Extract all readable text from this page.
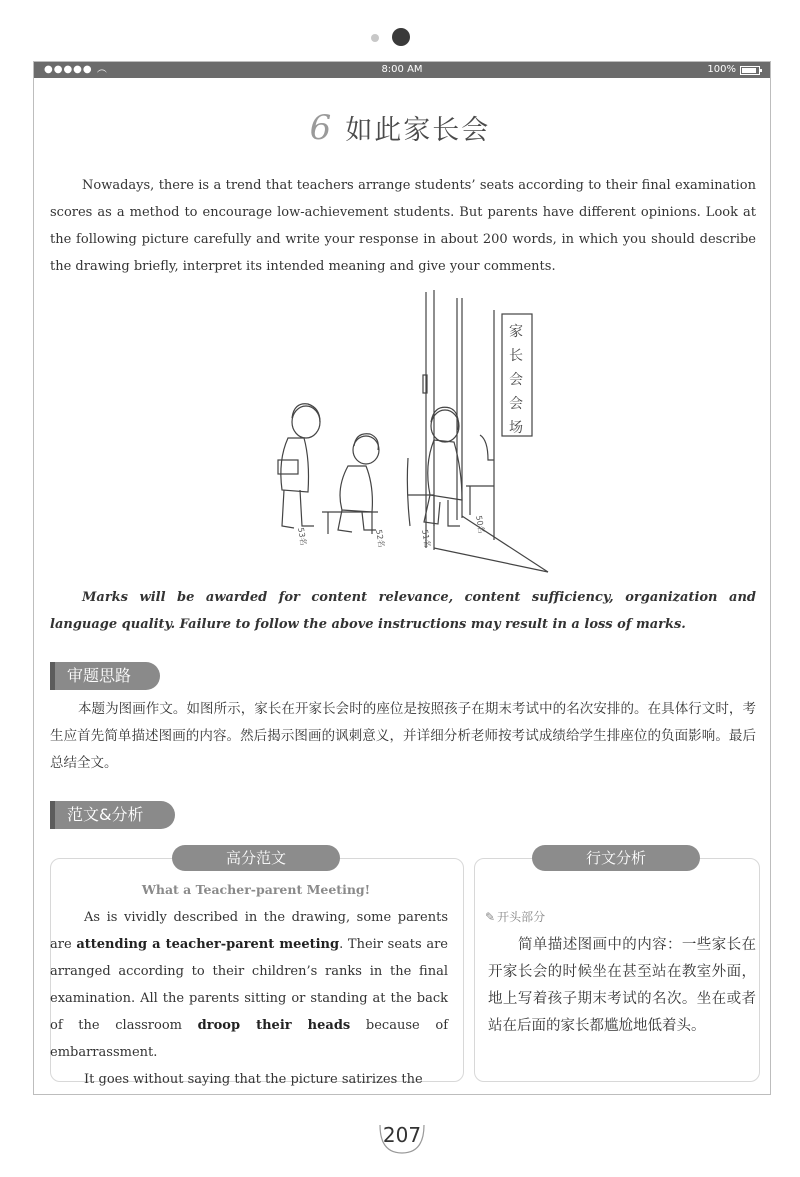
●●●●● ︵	8:00 AM	100%
6 如此家长会

Nowadays, there is a trend that teachers arrange students’ seats according to their final examination scores as a method to encourage low-achievement students. But parents have different opinions. Look at the following picture carefully and write your response in about 200 words, in which you should describe the drawing briefly, interpret its intended meaning and give your comments.

家
长
会
会
场
53名	52名	51名
50名

Marks will be awarded for content relevance, content sufficiency, organization and language quality. Failure to follow the above instructions may result in a loss of marks.

审题思路

本题为图画作文。如图所示，家长在开家长会时的座位是按照孩子在期末考试中的名次安排的。在具体行文时，考生应首先简单描述图画的内容。然后揭示图画的讽刺意义，并详细分析老师按考试成绩给学生排座位的负面影响。最后总结全文。

范文&分析
高分范文	行文分析
What a Teacher-parent Meeting!

As is vividly described in the drawing, some parents are attending a teacher-parent meeting. Their seats are arranged according to their children’s ranks in the final examination. All the parents sitting or standing at the back of the classroom droop their heads because of embarrassment.

It goes without saying that the picture satirizes the

✎ 开头部分

简单描述图画中的内容：一些家长在开家长会的时候坐在甚至站在教室外面，地上写着孩子期末考试的名次。坐在或者站在后面的家长都尴尬地低着头。

207
